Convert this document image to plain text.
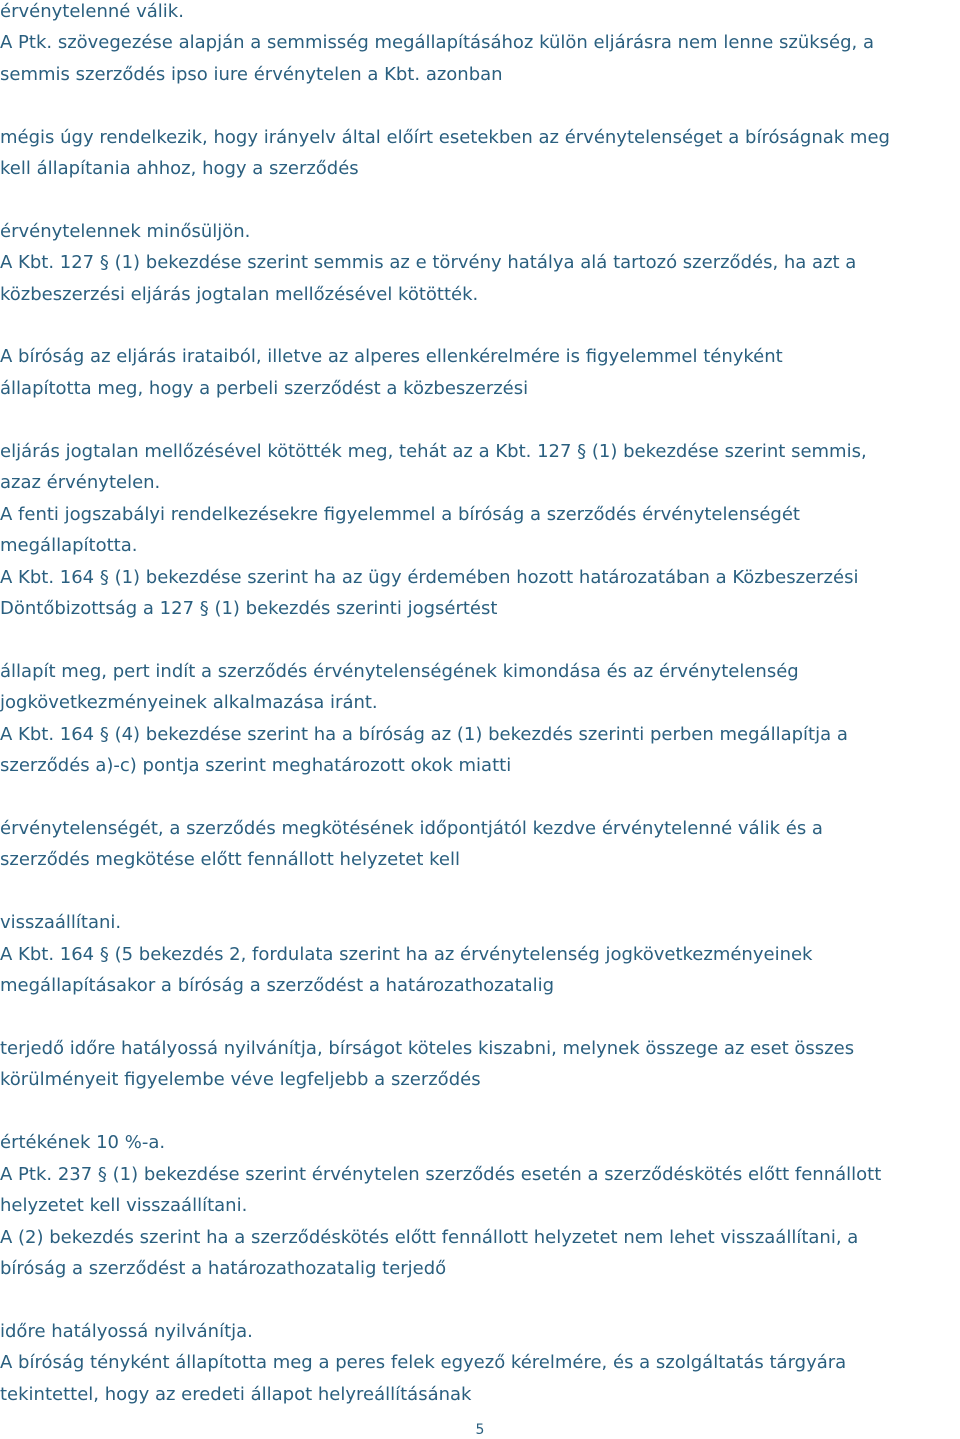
érvénytelenné válik.
A Ptk. szövegezése alapján a semmisség megállapításához külön eljárásra nem lenne szükség, a
semmis szerződés ipso iure érvénytelen a Kbt. azonban
mégis úgy rendelkezik, hogy irányelv által előírt esetekben az érvénytelenséget a bíróságnak meg
kell állapítania ahhoz, hogy a szerződés
érvénytelennek minősüljön.
A Kbt. 127 § (1) bekezdése szerint semmis az e törvény hatálya alá tartozó szerződés, ha azt a
közbeszerzési eljárás jogtalan mellőzésével kötötték.
A bíróság az eljárás irataiból, illetve az alperes ellenkérelmére is figyelemmel tényként
állapította meg, hogy a perbeli szerződést a közbeszerzési
eljárás jogtalan mellőzésével kötötték meg, tehát az a Kbt. 127 § (1) bekezdése szerint semmis,
azaz érvénytelen.
A fenti jogszabályi rendelkezésekre figyelemmel a bíróság a szerződés érvénytelenségét
megállapította.
A Kbt. 164 § (1) bekezdése szerint ha az ügy érdemében hozott határozatában a Közbeszerzési
Döntőbizottság a 127 § (1) bekezdés szerinti jogsértést
állapít meg, pert indít a szerződés érvénytelenségének kimondása és az érvénytelenség
jogkövetkezményeinek alkalmazása iránt.
A Kbt. 164 § (4) bekezdése szerint ha a bíróság az (1) bekezdés szerinti perben megállapítja a
szerződés a)-c) pontja szerint meghatározott okok miatti
érvénytelenségét, a szerződés megkötésének időpontjától kezdve érvénytelenné válik és a
szerződés megkötése előtt fennállott helyzetet kell
visszaállítani.
A Kbt. 164 § (5 bekezdés 2, fordulata szerint ha az érvénytelenség jogkövetkezményeinek
megállapításakor a bíróság a szerződést a határozathozatalig
terjedő időre hatályossá nyilvánítja, bírságot köteles kiszabni, melynek összege az eset összes
körülményeit figyelembe véve legfeljebb a szerződés
értékének 10 %-a.
A Ptk. 237 § (1) bekezdése szerint érvénytelen szerződés esetén a szerződéskötés előtt fennállott
helyzetet kell visszaállítani.
A (2) bekezdés szerint ha a szerződéskötés előtt fennállott helyzetet nem lehet visszaállítani, a
bíróság a szerződést a határozathozatalig terjedő
időre hatályossá nyilvánítja.
A bíróság tényként állapította meg a peres felek egyező kérelmére, és a szolgáltatás tárgyára
tekintettel, hogy az eredeti állapot helyreállításának
5
